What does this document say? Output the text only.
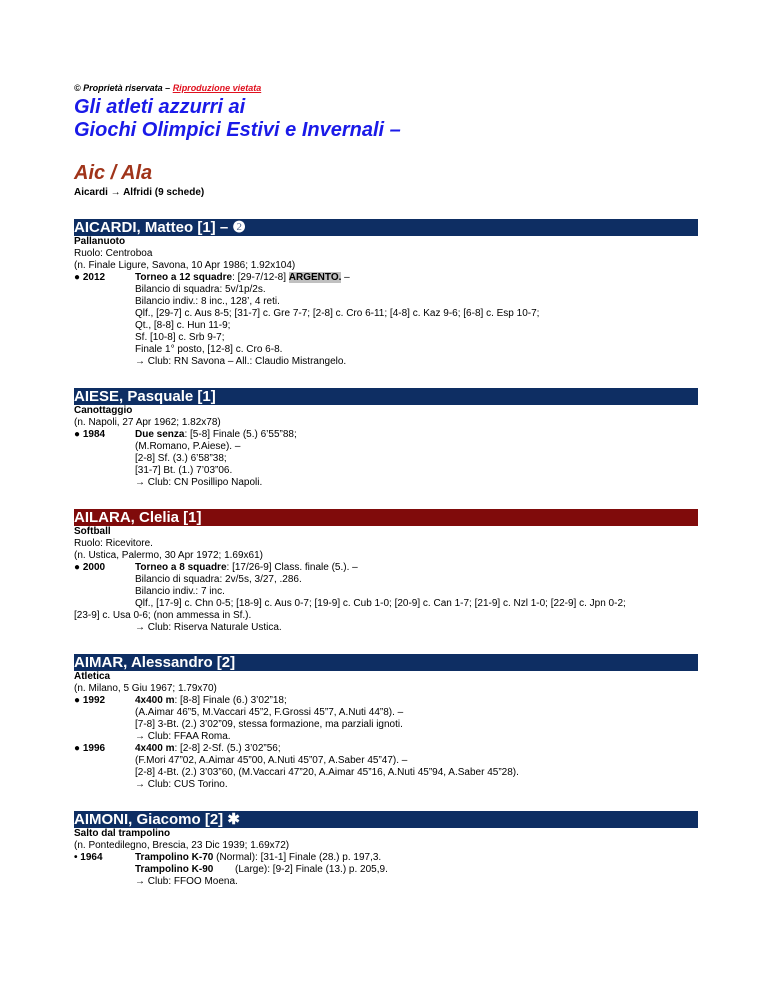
© Proprietà riservata – Riproduzione vietata
Gli atleti azzurri ai
Giochi Olimpici Estivi e Invernali –
Aic / Ala
Aicardi → Alfridi (9 schede)
AICARDI, Matteo [1] – ❷
Pallanuoto
Ruolo: Centroboa
(n. Finale Ligure, Savona, 10 Apr 1986; 1.92x104)
● 2012	Torneo a 12 squadre: [29-7/12-8] ARGENTO. –
Bilancio di squadra: 5v/1p/2s.
Bilancio indiv.: 8 inc., 128’, 4 reti.
Qlf., [29-7] c. Aus 8-5; [31-7] c. Gre 7-7; [2-8] c. Cro 6-11; [4-8] c. Kaz 9-6; [6-8] c. Esp 10-7;
Qt., [8-8] c. Hun 11-9;
Sf. [10-8] c. Srb 9-7;
Finale 1° posto, [12-8] c. Cro 6-8.
→ Club: RN Savona – All.: Claudio Mistrangelo.
AIESE, Pasquale [1]
Canottaggio
(n. Napoli, 27 Apr 1962; 1.82x78)
● 1984	Due senza: [5-8] Finale (5.) 6’55”88;
(M.Romano, P.Aiese). –
[2-8] Sf. (3.) 6’58”38;
[31-7] Bt. (1.) 7’03”06.
→ Club: CN Posillipo Napoli.
AILARA, Clelia [1]
Softball
Ruolo: Ricevitore.
(n. Ustica, Palermo, 30 Apr 1972; 1.69x61)
● 2000	Torneo a 8 squadre: [17/26-9] Class. finale (5.). –
Bilancio di squadra: 2v/5s, 3/27, .286.
Bilancio indiv.: 7 inc.
Qlf., [17-9] c. Chn 0-5; [18-9] c. Aus 0-7; [19-9] c. Cub 1-0; [20-9] c. Can 1-7; [21-9] c. Nzl 1-0; [22-9] c. Jpn 0-2;
[23-9] c. Usa 0-6; (non ammessa in Sf.).
→ Club: Riserva Naturale Ustica.
AIMAR, Alessandro [2]
Atletica
(n. Milano, 5 Giu 1967; 1.79x70)
● 1992	4x400 m: [8-8] Finale (6.) 3’02”18;
(A.Aimar 46”5, M.Vaccari 45”2, F.Grossi 45”7, A.Nuti 44”8). –
[7-8] 3-Bt. (2.) 3’02”09, stessa formazione, ma parziali ignoti.
→ Club: FFAA Roma.
● 1996	4x400 m: [2-8] 2-Sf. (5.) 3’02”56;
(F.Mori 47”02, A.Aimar 45”00, A.Nuti 45”07, A.Saber 45”47). –
[2-8] 4-Bt. (2.) 3’03”60, (M.Vaccari 47”20, A.Aimar 45”16, A.Nuti 45”94, A.Saber 45”28).
→ Club: CUS Torino.
AIMONI, Giacomo [2] ✱
Salto dal trampolino
(n. Pontedilegno, Brescia, 23 Dic 1939; 1.69x72)
• 1964	Trampolino K-70 (Normal): [31-1] Finale (28.) p. 197,3.
Trampolino K-90 (Large): [9-2] Finale (13.) p. 205,9.
→ Club: FFOO Moena.
